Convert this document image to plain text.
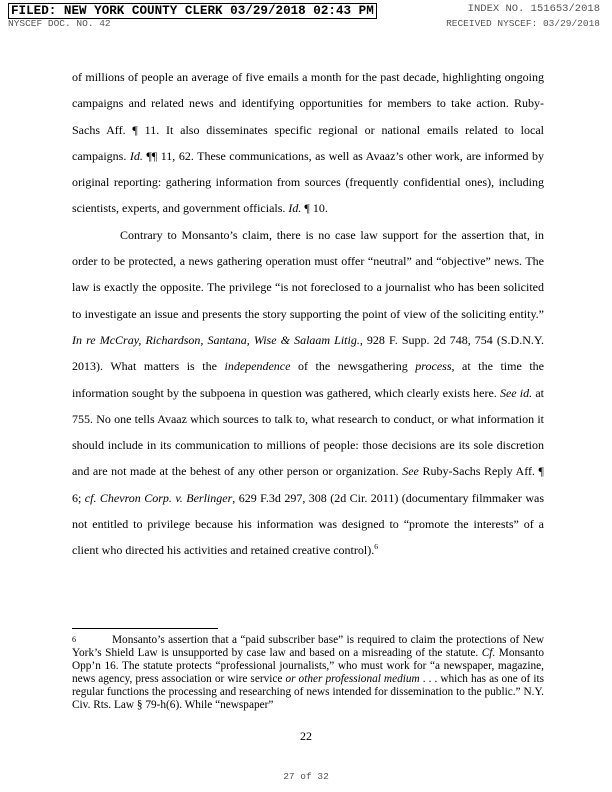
FILED: NEW YORK COUNTY CLERK 03/29/2018 02:43 PM	INDEX NO. 151653/2018
NYSCEF DOC. NO. 42	RECEIVED NYSCEF: 03/29/2018

of millions of people an average of five emails a month for the past decade, highlighting ongoing campaigns and related news and identifying opportunities for members to take action. Ruby-Sachs Aff. ¶ 11. It also disseminates specific regional or national emails related to local campaigns. Id. ¶¶ 11, 62. These communications, as well as Avaaz’s other work, are informed by original reporting: gathering information from sources (frequently confidential ones), including scientists, experts, and government officials. Id. ¶ 10.

Contrary to Monsanto’s claim, there is no case law support for the assertion that, in order to be protected, a news gathering operation must offer “neutral” and “objective” news. The law is exactly the opposite. The privilege “is not foreclosed to a journalist who has been solicited to investigate an issue and presents the story supporting the point of view of the soliciting entity.” In re McCray, Richardson, Santana, Wise & Salaam Litig., 928 F. Supp. 2d 748, 754 (S.D.N.Y. 2013). What matters is the independence of the newsgathering process, at the time the information sought by the subpoena in question was gathered, which clearly exists here. See id. at 755. No one tells Avaaz which sources to talk to, what research to conduct, or what information it should include in its communication to millions of people: those decisions are its sole discretion and are not made at the behest of any other person or organization. See Ruby-Sachs Reply Aff. ¶ 6; cf. Chevron Corp. v. Berlinger, 629 F.3d 297, 308 (2d Cir. 2011) (documentary filmmaker was not entitled to privilege because his information was designed to “promote the interests” of a client who directed his activities and retained creative control).$^6$

$^6$	Monsanto’s assertion that a “paid subscriber base” is required to claim the protections of New York’s Shield Law is unsupported by case law and based on a misreading of the statute. Cf. Monsanto Opp’n 16. The statute protects “professional journalists,” who must work for “a newspaper, magazine, news agency, press association or wire service or other professional medium . . . which has as one of its regular functions the processing and researching of news intended for dissemination to the public.” N.Y. Civ. Rts. Law § 79-h(6). While “newspaper”
22
27 of 32
